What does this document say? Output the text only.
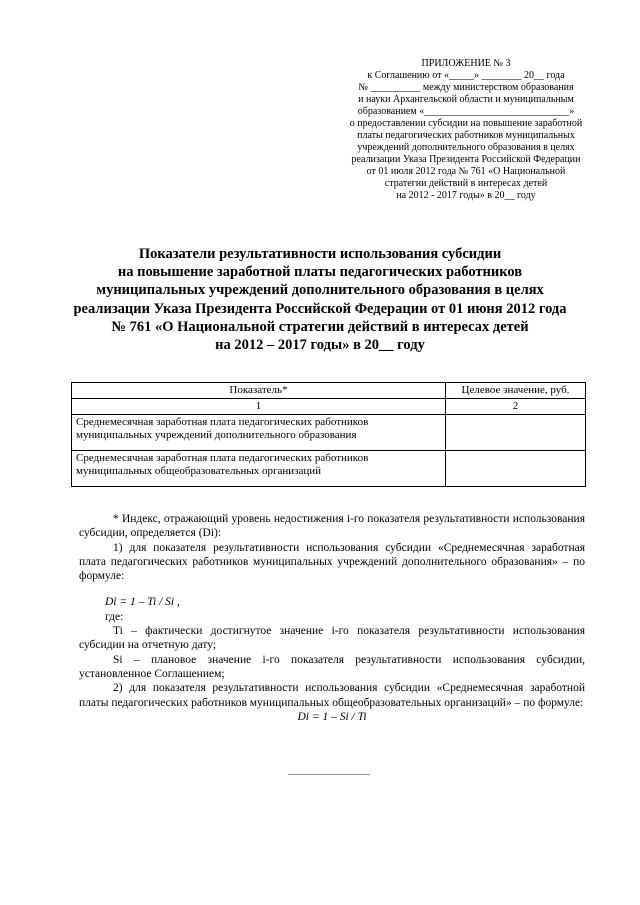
ПРИЛОЖЕНИЕ № 3
к Соглашению от «_____» ________ 20__ года
№ __________ между министерством образования
и науки Архангельской области и муниципальным
образованием «_____________________________»
о предоставлении субсидии на повышение заработной
платы педагогических работников муниципальных
учреждений дополнительного образования в целях
реализации Указа Президента Российской Федерации
от 01 июля 2012 года № 761 «О Национальной
стратегии действий в интересах детей
на 2012 - 2017 годы» в 20__ году
Показатели результативности использования субсидии
на повышение заработной платы педагогических работников
муниципальных учреждений дополнительного образования в целях
реализации Указа Президента Российской Федерации от 01 июня 2012 года
№ 761 «О Национальной стратегии действий в интересах детей
на 2012 – 2017 годы» в 20__ году
Показатель*	Целевое значение, руб.
1	2

Среднемесячная заработная плата педагогических работников
муниципальных учреждений дополнительного образования	

Среднемесячная заработная плата педагогических работников
муниципальных общеобразовательных организаций	

* Индекс, отражающий уровень недостижения i-го показателя результативности использования субсидии, определяется (Di):

1) для показателя результативности использования субсидии «Среднемесячная заработная плата педагогических работников муниципальных учреждений дополнительного образования» – по формуле:

Di = 1 – Ti / Si ,

где:

Ti – фактически достигнутое значение i-го показателя результативности использования субсидии на отчетную дату;

Si – плановое значение i-го показателя результативности использования субсидии, установленное Соглашением;

2) для показателя результативности использования субсидии «Среднемесячная заработной платы педагогических работников муниципальных общеобразовательных организаций» – по формуле:

Di = 1 – Si / Ti
